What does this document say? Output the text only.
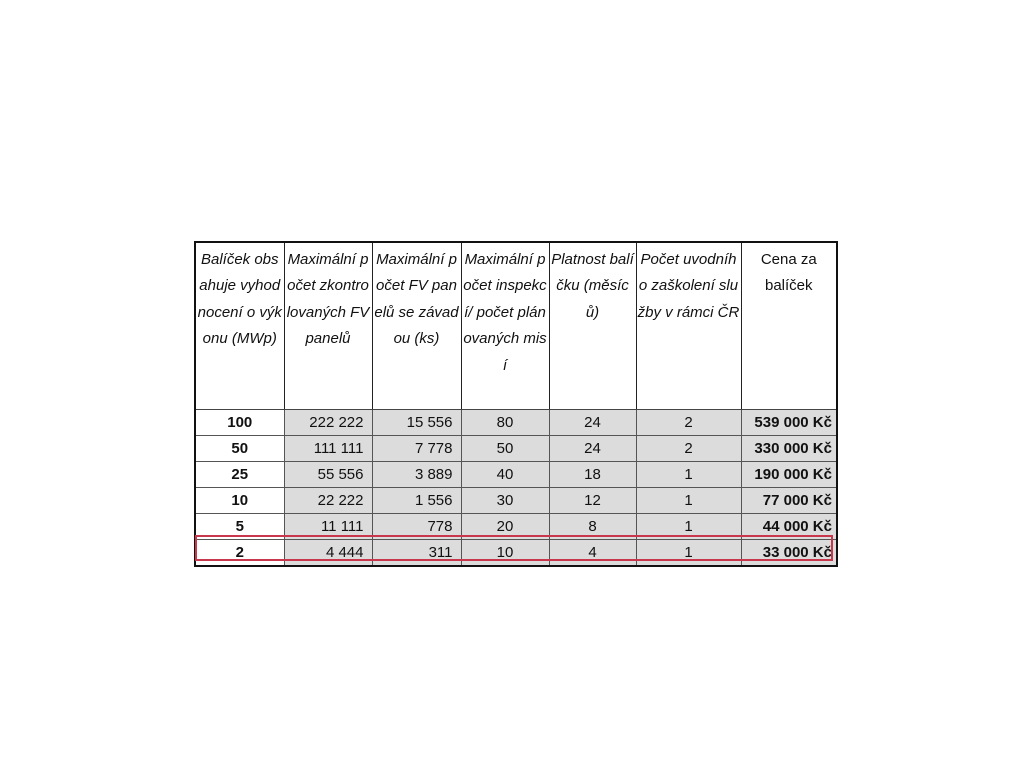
Balíček obsahuje vyhodnocení o výkonu (MWp)	Maximální počet zkontrolovaných FV panelů	Maximální počet FV panelů se závadou (ks)	Maximální počet inspekcí/ počet plánovaných misí	Platnost balíčku (měsíců)	Počet uvodního zaškolení služby v rámci ČR	Cena za balíček
100	222 222	15 556	80	24	2	539 000 Kč
50	111 111	7 778	50	24	2	330 000 Kč
25	55 556	3 889	40	18	1	190 000 Kč
10	22 222	1 556	30	12	1	77 000 Kč
5	11 111	778	20	8	1	44 000 Kč
2	4 444	311	10	4	1	33 000 Kč
